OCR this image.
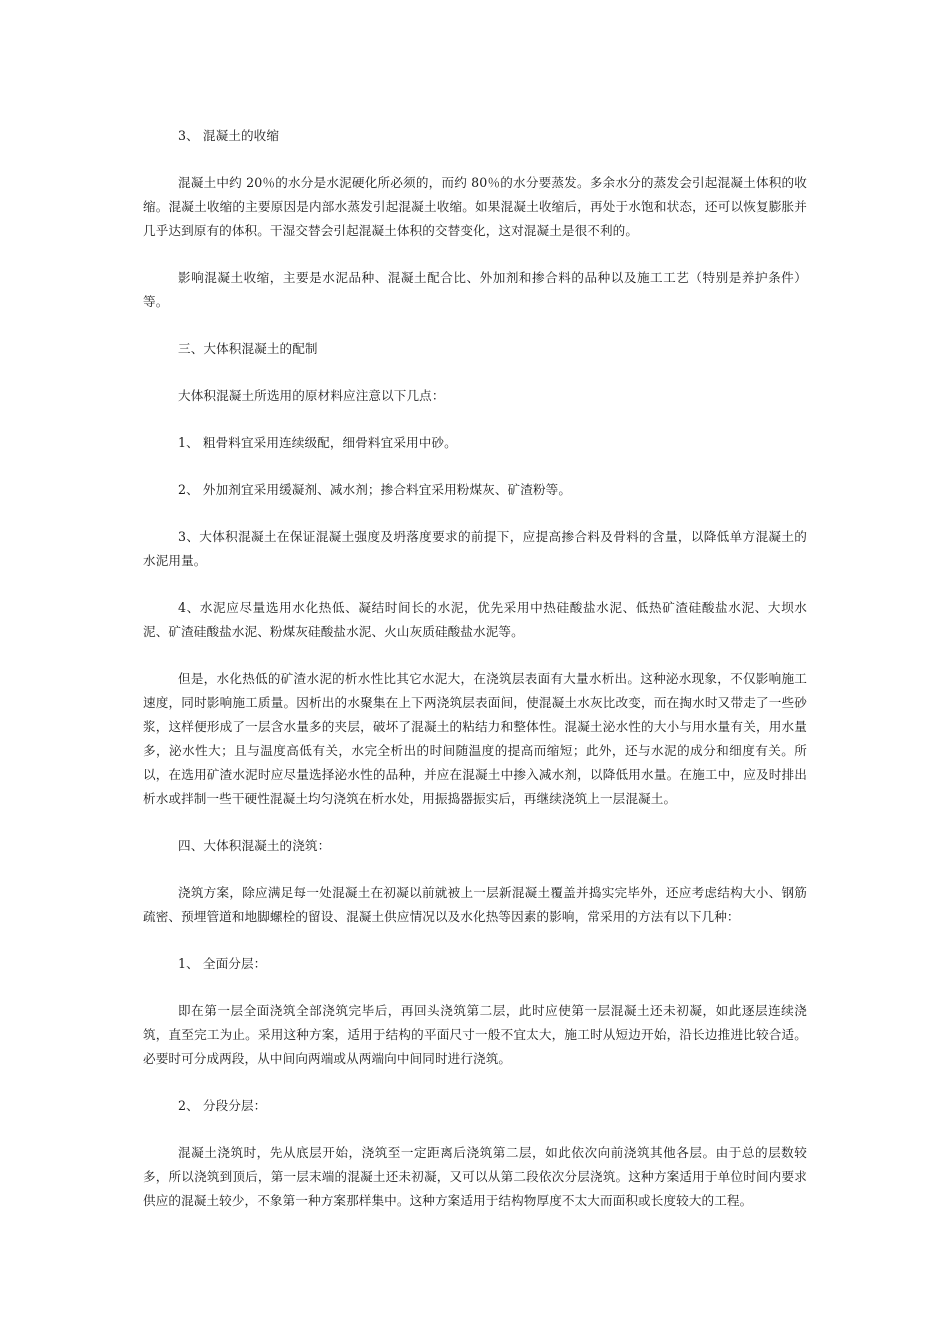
3、 混凝土的收缩

混凝土中约 20％的水分是水泥硬化所必须的，而约 80％的水分要蒸发。多余水分的蒸发会引起混凝土体积的收缩。混凝土收缩的主要原因是内部水蒸发引起混凝土收缩。如果混凝土收缩后，再处于水饱和状态，还可以恢复膨胀并几乎达到原有的体积。干湿交替会引起混凝土体积的交替变化，这对混凝土是很不利的。

影响混凝土收缩，主要是水泥品种、混凝土配合比、外加剂和掺合料的品种以及施工工艺（特别是养护条件）等。

三、大体积混凝土的配制

大体积混凝土所选用的原材料应注意以下几点：

1、 粗骨料宜采用连续级配，细骨料宜采用中砂。

2、 外加剂宜采用缓凝剂、减水剂；掺合料宜采用粉煤灰、矿渣粉等。

3、大体积混凝土在保证混凝土强度及坍落度要求的前提下，应提高掺合料及骨料的含量，以降低单方混凝土的水泥用量。

4、水泥应尽量选用水化热低、凝结时间长的水泥，优先采用中热硅酸盐水泥、低热矿渣硅酸盐水泥、大坝水泥、矿渣硅酸盐水泥、粉煤灰硅酸盐水泥、火山灰质硅酸盐水泥等。

但是，水化热低的矿渣水泥的析水性比其它水泥大，在浇筑层表面有大量水析出。这种泌水现象，不仅影响施工速度，同时影响施工质量。因析出的水聚集在上下两浇筑层表面间，使混凝土水灰比改变，而在掏水时又带走了一些砂浆，这样便形成了一层含水量多的夹层，破坏了混凝土的粘结力和整体性。混凝土泌水性的大小与用水量有关，用水量多，泌水性大；且与温度高低有关，水完全析出的时间随温度的提高而缩短；此外，还与水泥的成分和细度有关。所以，在选用矿渣水泥时应尽量选择泌水性的品种，并应在混凝土中掺入减水剂，以降低用水量。在施工中，应及时排出析水或拌制一些干硬性混凝土均匀浇筑在析水处，用振捣器振实后，再继续浇筑上一层混凝土。

四、大体积混凝土的浇筑：

浇筑方案，除应满足每一处混凝土在初凝以前就被上一层新混凝土覆盖并捣实完毕外，还应考虑结构大小、钢筋疏密、预埋管道和地脚螺栓的留设、混凝土供应情况以及水化热等因素的影响，常采用的方法有以下几种：

1、 全面分层：

即在第一层全面浇筑全部浇筑完毕后，再回头浇筑第二层，此时应使第一层混凝土还未初凝，如此逐层连续浇筑，直至完工为止。采用这种方案，适用于结构的平面尺寸一般不宜太大，施工时从短边开始，沿长边推进比较合适。必要时可分成两段，从中间向两端或从两端向中间同时进行浇筑。

2、 分段分层：

混凝土浇筑时，先从底层开始，浇筑至一定距离后浇筑第二层，如此依次向前浇筑其他各层。由于总的层数较多，所以浇筑到顶后，第一层末端的混凝土还未初凝，又可以从第二段依次分层浇筑。这种方案适用于单位时间内要求供应的混凝土较少，不象第一种方案那样集中。这种方案适用于结构物厚度不太大而面积或长度较大的工程。
